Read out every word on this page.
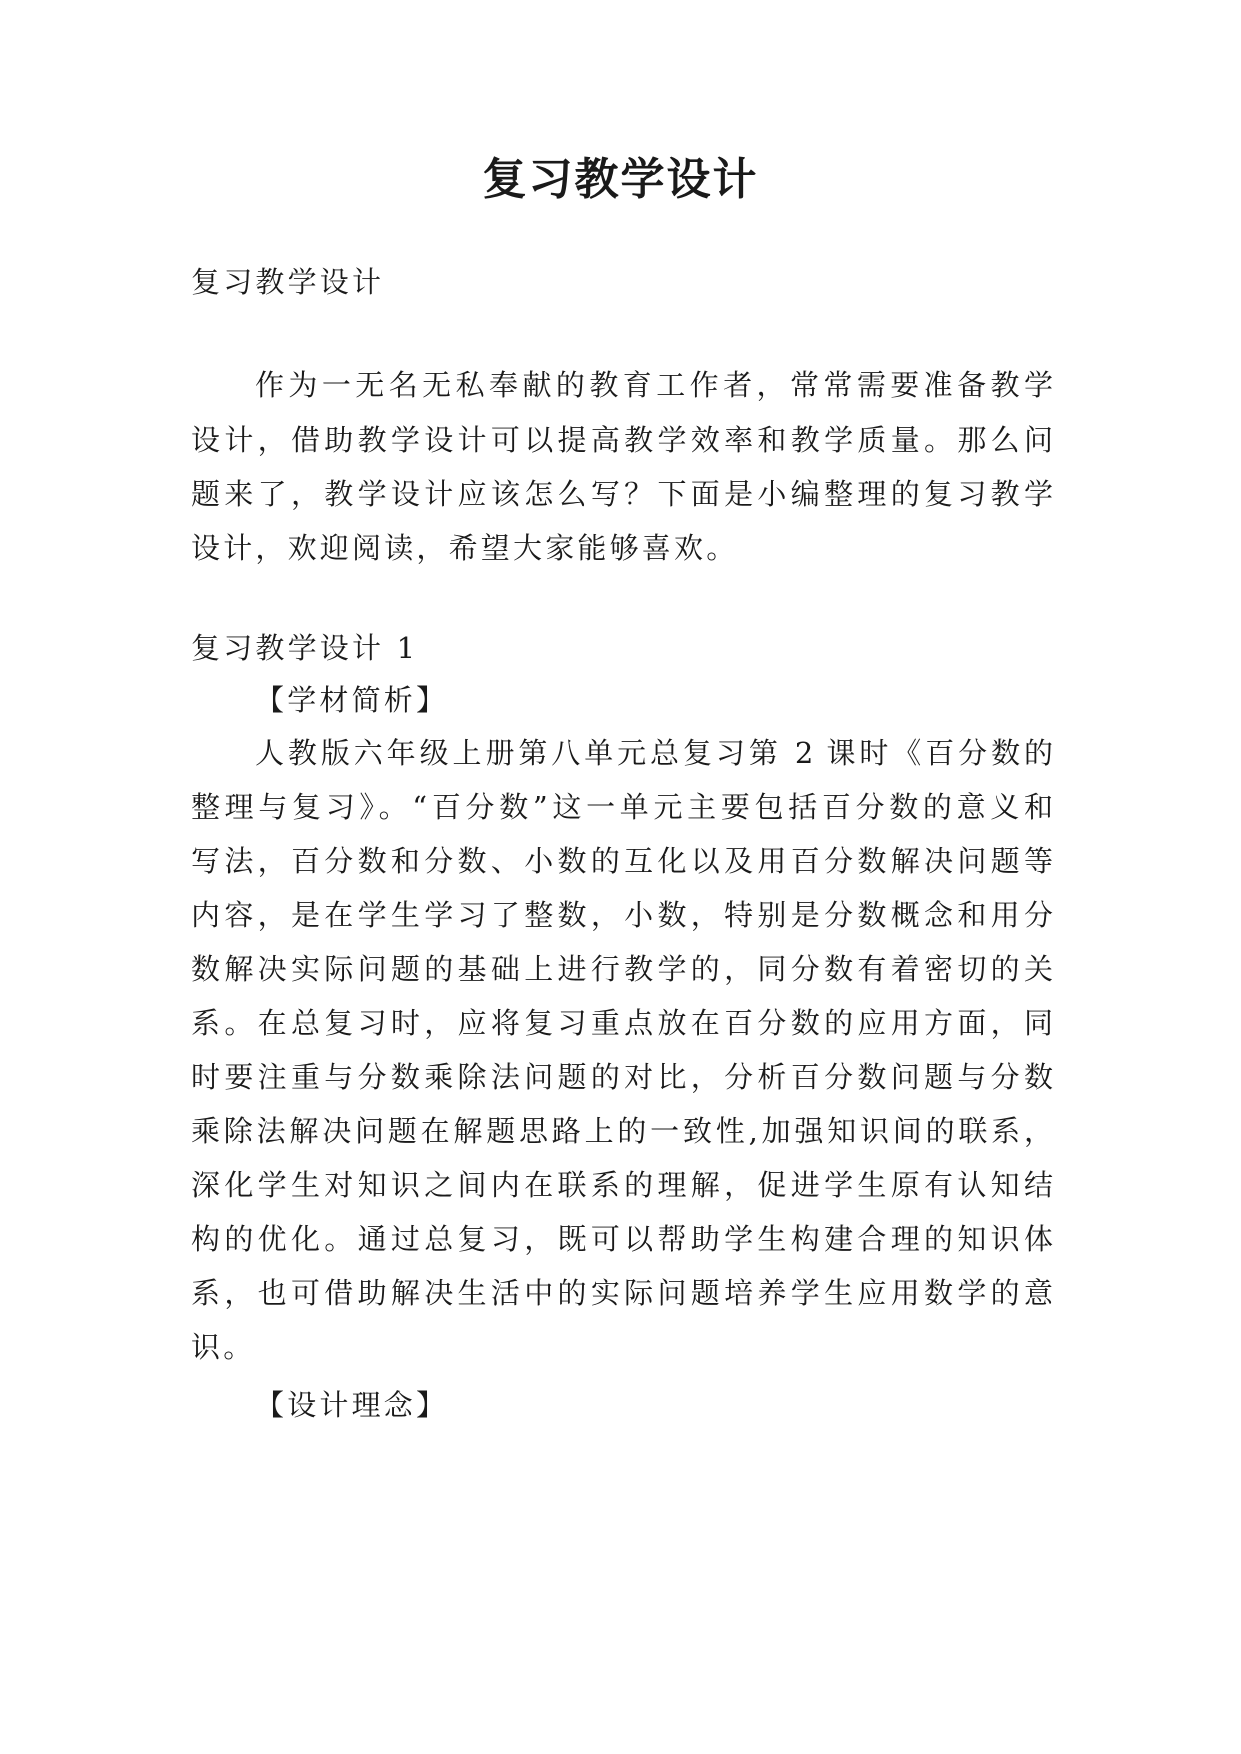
复习教学设计
复习教学设计
作为一无名无私奉献的教育工作者，常常需要准备教学
设计，借助教学设计可以提高教学效率和教学质量。那么问
题来了，教学设计应该怎么写？下面是小编整理的复习教学
设计，欢迎阅读，希望大家能够喜欢。
复习教学设计 1
【学材简析】
人教版六年级上册第八单元总复习第 2 课时《百分数的
整理与复习》。“百分数”这一单元主要包括百分数的意义和
写法，百分数和分数、小数的互化以及用百分数解决问题等
内容，是在学生学习了整数，小数，特别是分数概念和用分
数解决实际问题的基础上进行教学的，同分数有着密切的关
系。在总复习时，应将复习重点放在百分数的应用方面，同
时要注重与分数乘除法问题的对比，分析百分数问题与分数
乘除法解决问题在解题思路上的一致性,加强知识间的联系，
深化学生对知识之间内在联系的理解，促进学生原有认知结
构的优化。通过总复习，既可以帮助学生构建合理的知识体
系，也可借助解决生活中的实际问题培养学生应用数学的意
识。
【设计理念】
